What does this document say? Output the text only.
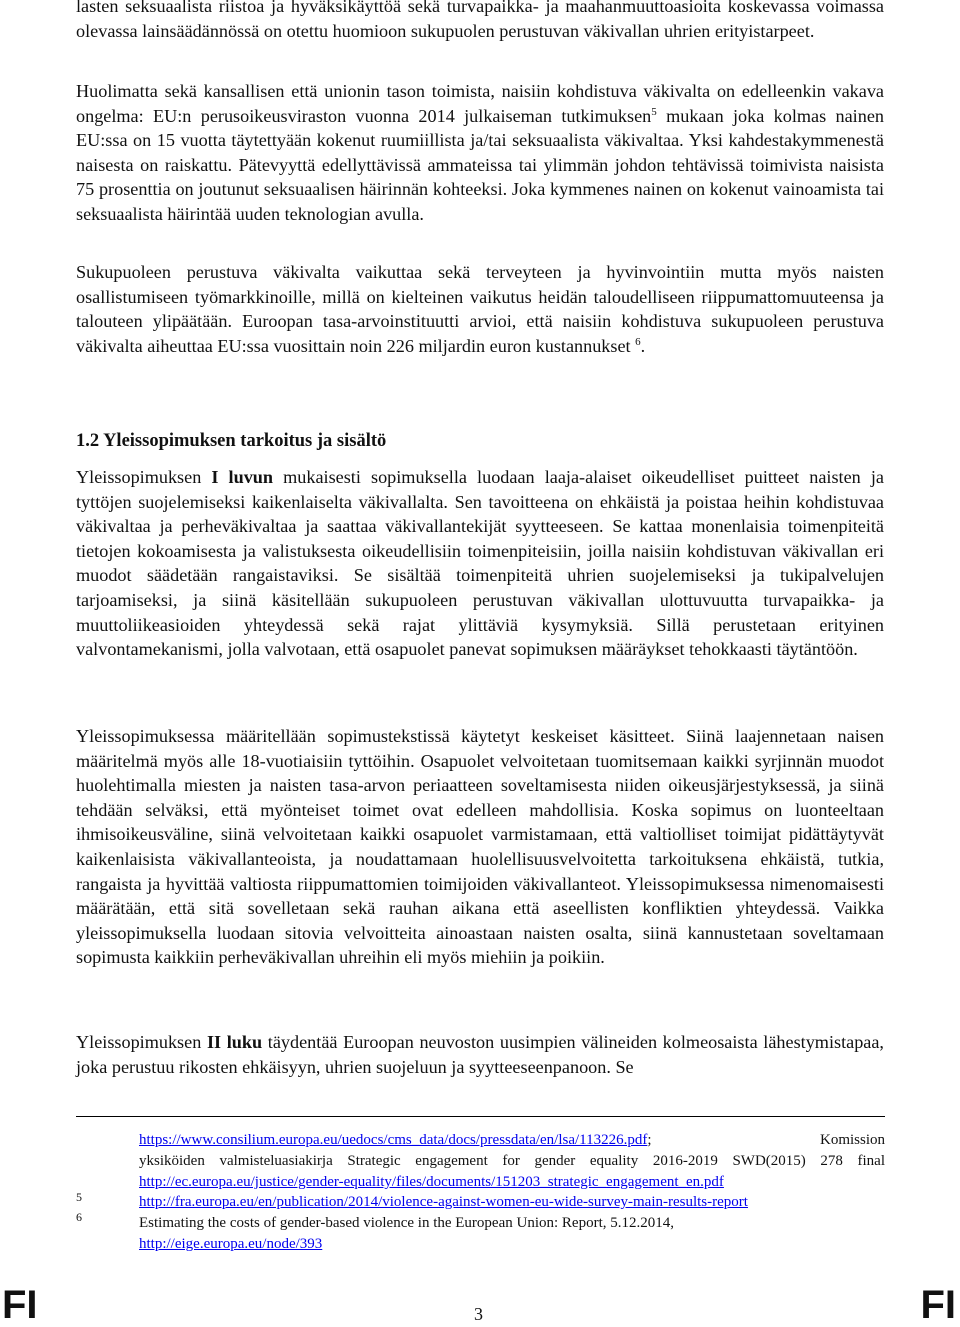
lasten seksuaalista riistoa ja hyväksikäyttöä sekä turvapaikka- ja maahanmuuttoasioita koskevassa voimassa olevassa lainsäädännössä on otettu huomioon sukupuolen perustuvan väkivallan uhrien erityistarpeet.

Huolimatta sekä kansallisen että unionin tason toimista, naisiin kohdistuva väkivalta on edelleenkin vakava ongelma: EU:n perusoikeusviraston vuonna 2014 julkaiseman tutkimuksen$^5$ mukaan joka kolmas nainen EU:ssa on 15 vuotta täytettyään kokenut ruumiillista ja/tai seksuaalista väkivaltaa. Yksi kahdestakymmenestä naisesta on raiskattu. Pätevyyttä edellyttävissä ammateissa tai ylimmän johdon tehtävissä toimivista naisista 75 prosenttia on joutunut seksuaalisen häirinnän kohteeksi. Joka kymmenes nainen on kokenut vainoamista tai seksuaalista häirintää uuden teknologian avulla.

Sukupuoleen perustuva väkivalta vaikuttaa sekä terveyteen ja hyvinvointiin mutta myös naisten osallistumiseen työmarkkinoille, millä on kielteinen vaikutus heidän taloudelliseen riippumattomuuteensa ja talouteen ylipäätään. Euroopan tasa-arvoinstituutti arvioi, että naisiin kohdistuva sukupuoleen perustuva väkivalta aiheuttaa EU:ssa vuosittain noin 226 miljardin euron kustannukset $^6$.

1.2 Yleissopimuksen tarkoitus ja sisältö

Yleissopimuksen I luvun mukaisesti sopimuksella luodaan laaja-alaiset oikeudelliset puitteet naisten ja tyttöjen suojelemiseksi kaikenlaiselta väkivallalta. Sen tavoitteena on ehkäistä ja poistaa heihin kohdistuvaa väkivaltaa ja perheväkivaltaa ja saattaa väkivallantekijät syytteeseen. Se kattaa monenlaisia toimenpiteitä tietojen kokoamisesta ja valistuksesta oikeudellisiin toimenpiteisiin, joilla naisiin kohdistuvan väkivallan eri muodot säädetään rangaistaviksi. Se sisältää toimenpiteitä uhrien suojelemiseksi ja tukipalvelujen tarjoamiseksi, ja siinä käsitellään sukupuoleen perustuvan väkivallan ulottuvuutta turvapaikka- ja muuttoliikeasioiden yhteydessä sekä rajat ylittäviä kysymyksiä. Sillä perustetaan erityinen valvontamekanismi, jolla valvotaan, että osapuolet panevat sopimuksen määräykset tehokkaasti täytäntöön.

Yleissopimuksessa määritellään sopimustekstissä käytetyt keskeiset käsitteet. Siinä laajennetaan naisen määritelmä myös alle 18-vuotiaisiin tyttöihin. Osapuolet velvoitetaan tuomitsemaan kaikki syrjinnän muodot huolehtimalla miesten ja naisten tasa-arvon periaatteen soveltamisesta niiden oikeusjärjestyksessä, ja siinä tehdään selväksi, että myönteiset toimet ovat edelleen mahdollisia. Koska sopimus on luonteeltaan ihmisoikeusväline, siinä velvoitetaan kaikki osapuolet varmistamaan, että valtiolliset toimijat pidättäytyvät kaikenlaisista väkivallanteoista, ja noudattamaan huolellisuusvelvoitetta tarkoituksena ehkäistä, tutkia, rangaista ja hyvittää valtiosta riippumattomien toimijoiden väkivallanteot. Yleissopimuksessa nimenomaisesti määrätään, että sitä sovelletaan sekä rauhan aikana että aseellisten konfliktien yhteydessä. Vaikka yleissopimuksella luodaan sitovia velvoitteita ainoastaan naisten osalta, siinä kannustetaan soveltamaan sopimusta kaikkiin perheväkivallan uhreihin eli myös miehiin ja poikiin.

Yleissopimuksen II luku täydentää Euroopan neuvoston uusimpien välineiden kolmeosaista lähestymistapaa, joka perustuu rikosten ehkäisyyn, uhrien suojeluun ja syytteeseenpanoon. Se

https://www.consilium.europa.eu/uedocs/cms_data/docs/pressdata/en/lsa/113226.pdf;	Komission
yksiköiden valmisteluasiakirja Strategic engagement for gender equality 2016-2019 SWD(2015) 278 final http://ec.europa.eu/justice/gender-equality/files/documents/151203_strategic_engagement_en.pdf
5	http://fra.europa.eu/en/publication/2014/violence-against-women-eu-wide-survey-main-results-report
6	Estimating the costs of gender-based violence in the European Union: Report, 5.12.2014,
http://eige.europa.eu/node/393
FI	3	FI
